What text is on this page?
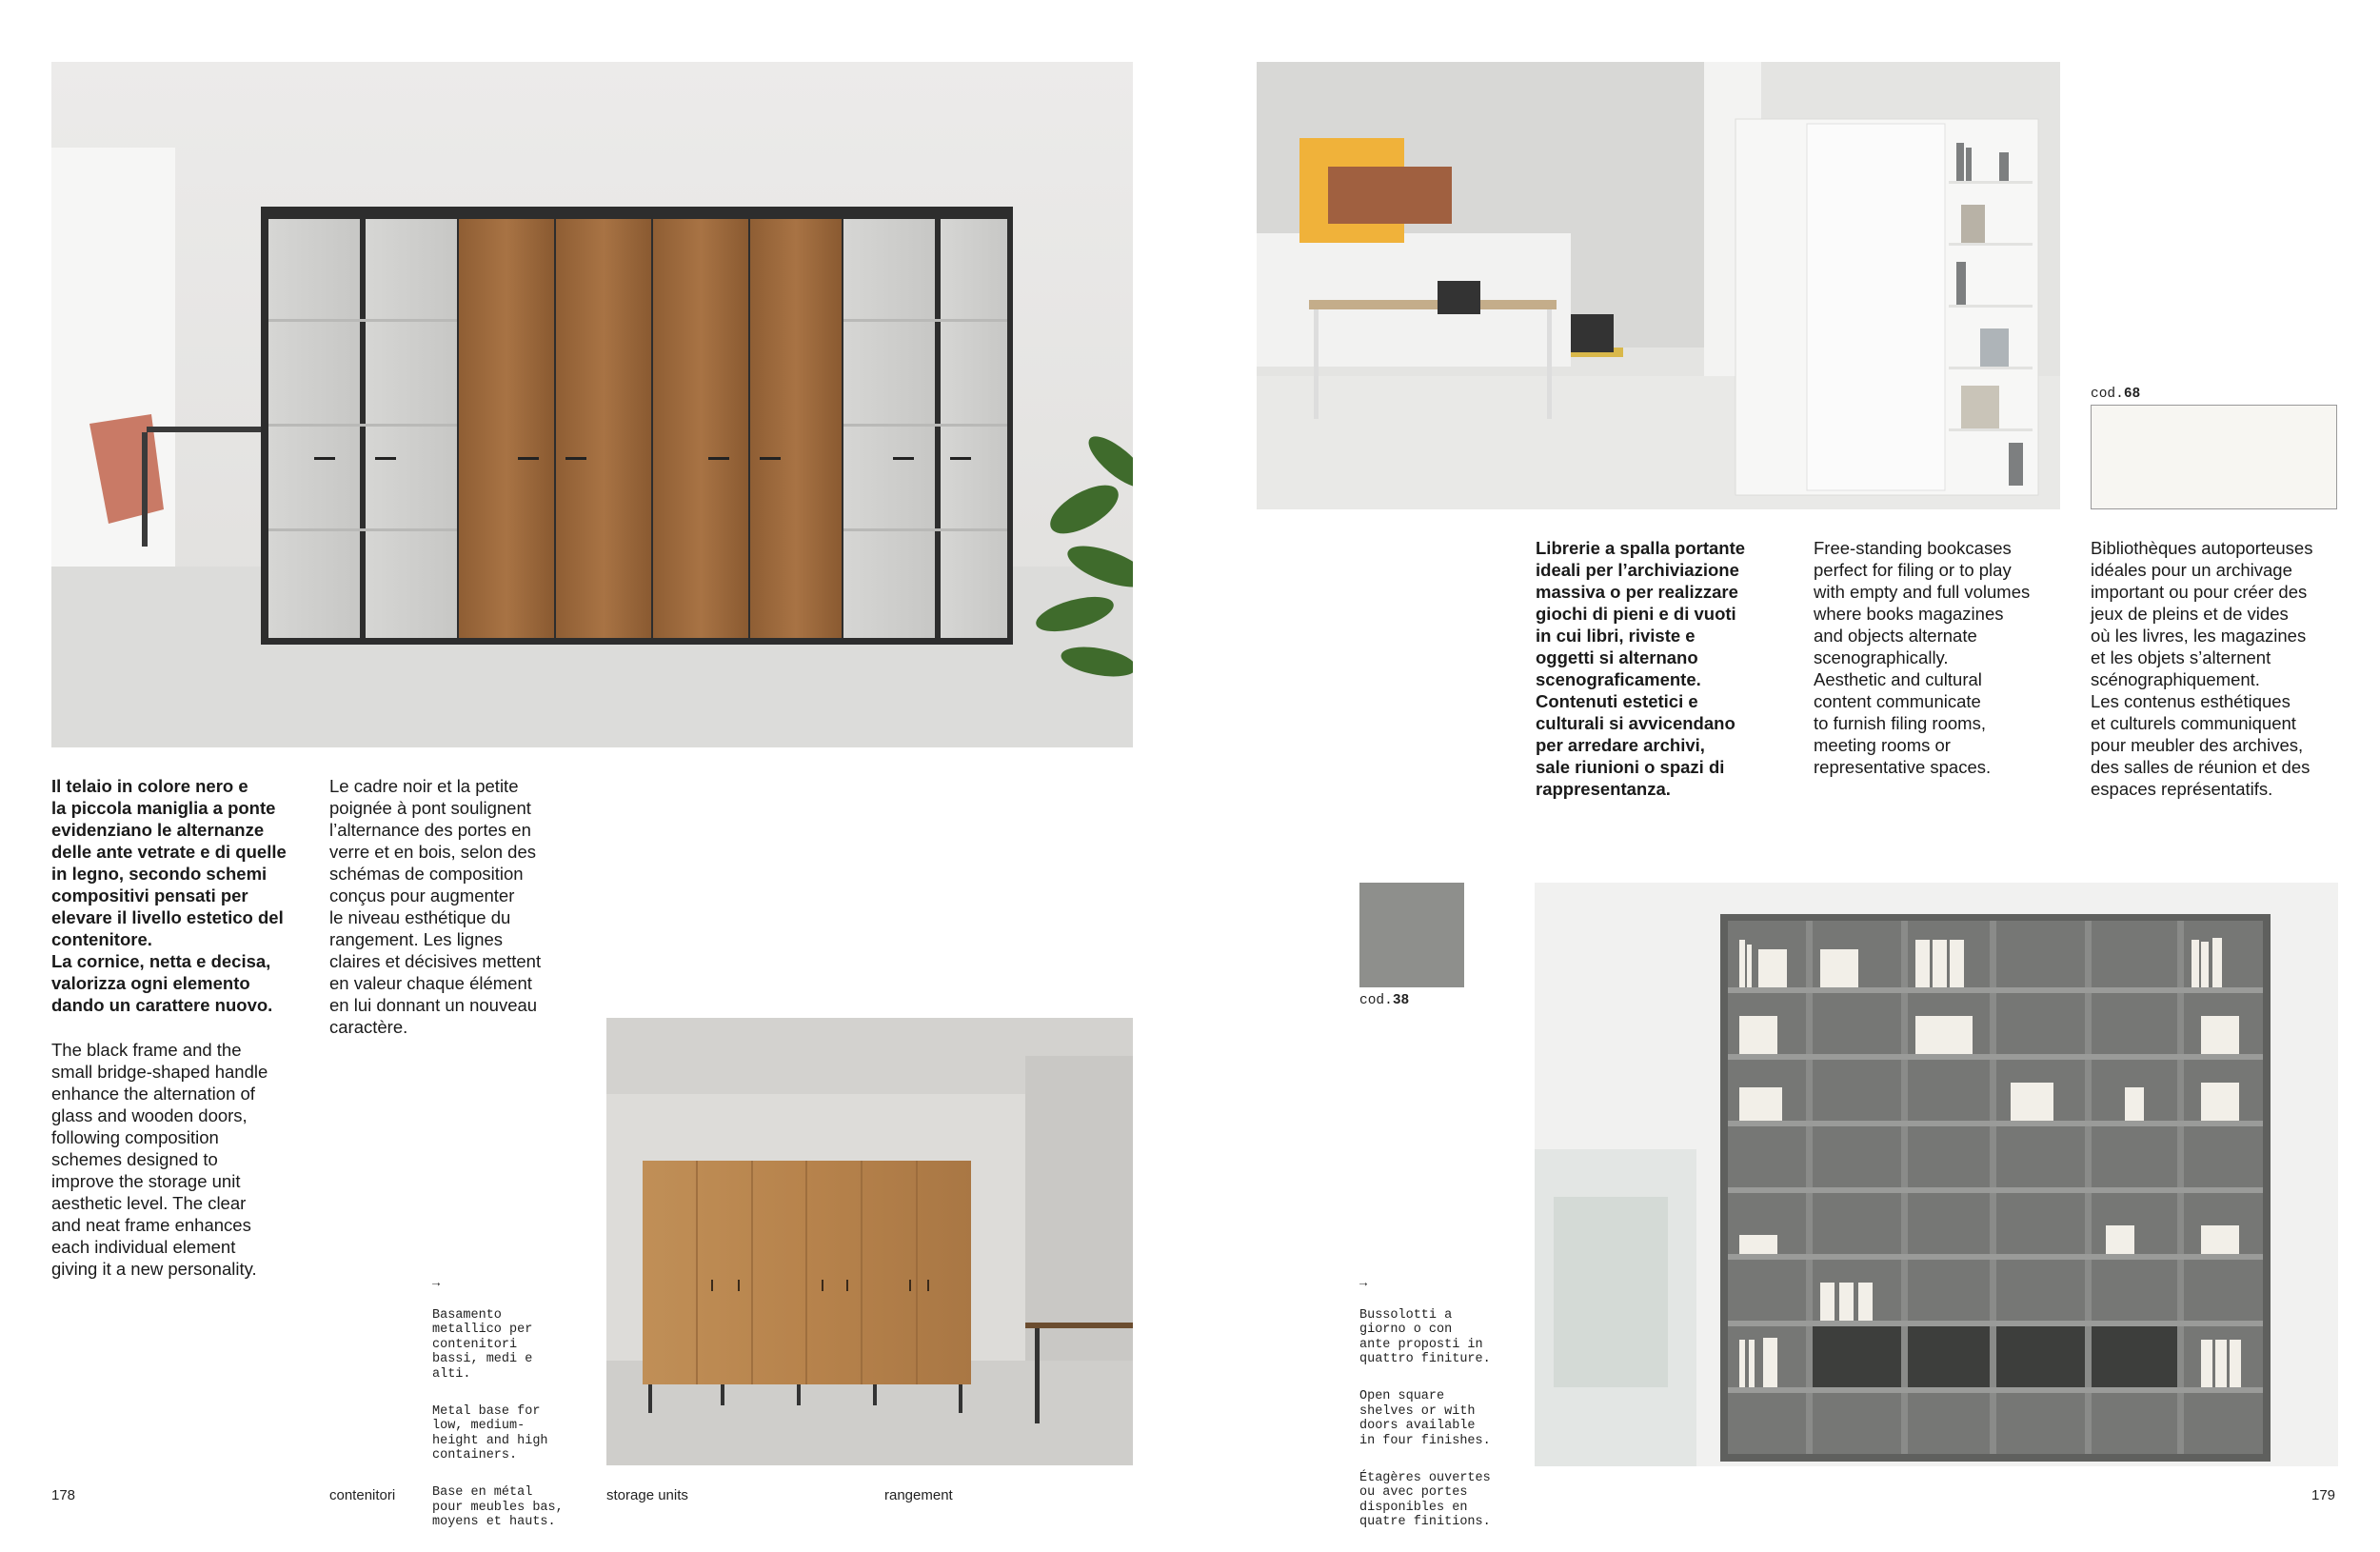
Il telaio in colore nero e
la piccola maniglia a ponte
evidenziano le alternanze
delle ante vetrate e di quelle
in legno, secondo schemi
compositivi pensati per
elevare il livello estetico del
contenitore.
La cornice, netta e decisa,
valorizza ogni elemento
dando un carattere nuovo.
The black frame and the
small bridge-shaped handle
enhance the alternation of
glass and wooden doors,
following composition
schemes designed to
improve the storage unit
aesthetic level. The clear
and neat frame enhances
each individual element
giving it a new personality.
Le cadre noir et la petite
poignée à pont soulignent
l’alternance des portes en
verre et en bois, selon des
schémas de composition
conçus pour augmenter
le niveau esthétique du
rangement. Les lignes
claires et décisives mettent
en valeur chaque élément
en lui donnant un nouveau
caractère.

→

Basamento
metallico per
contenitori
bassi, medi e
alti.

Metal base for
low, medium-
height and high
containers.

Base en métal
pour meubles bas,
moyens et hauts.

178	contenitori	storage units	rangement
cod.68
Librerie a spalla portante
ideali per l’archiviazione
massiva o per realizzare
giochi di pieni e di vuoti
in cui libri, riviste e
oggetti si alternano
scenograficamente.
Contenuti estetici e
culturali si avvicendano
per arredare archivi,
sale riunioni o spazi di
rappresentanza.
Free-standing bookcases
perfect for filing or to play
with empty and full volumes
where books magazines
and objects alternate
scenographically.
Aesthetic and cultural
content communicate
to furnish filing rooms,
meeting rooms or
representative spaces.
Bibliothèques autoporteuses
idéales pour un archivage
important ou pour créer des
jeux de pleins et de vides
où les livres, les magazines
et les objets s’alternent
scénographiquement.
Les contenus esthétiques
et culturels communiquent
pour meubler des archives,
des salles de réunion et des
espaces représentatifs.
cod.38

→

Bussolotti a
giorno o con
ante proposti in
quattro finiture.

Open square
shelves or with
doors available
in four finishes.

Étagères ouvertes
ou avec portes
disponibles en
quatre finitions.

179
